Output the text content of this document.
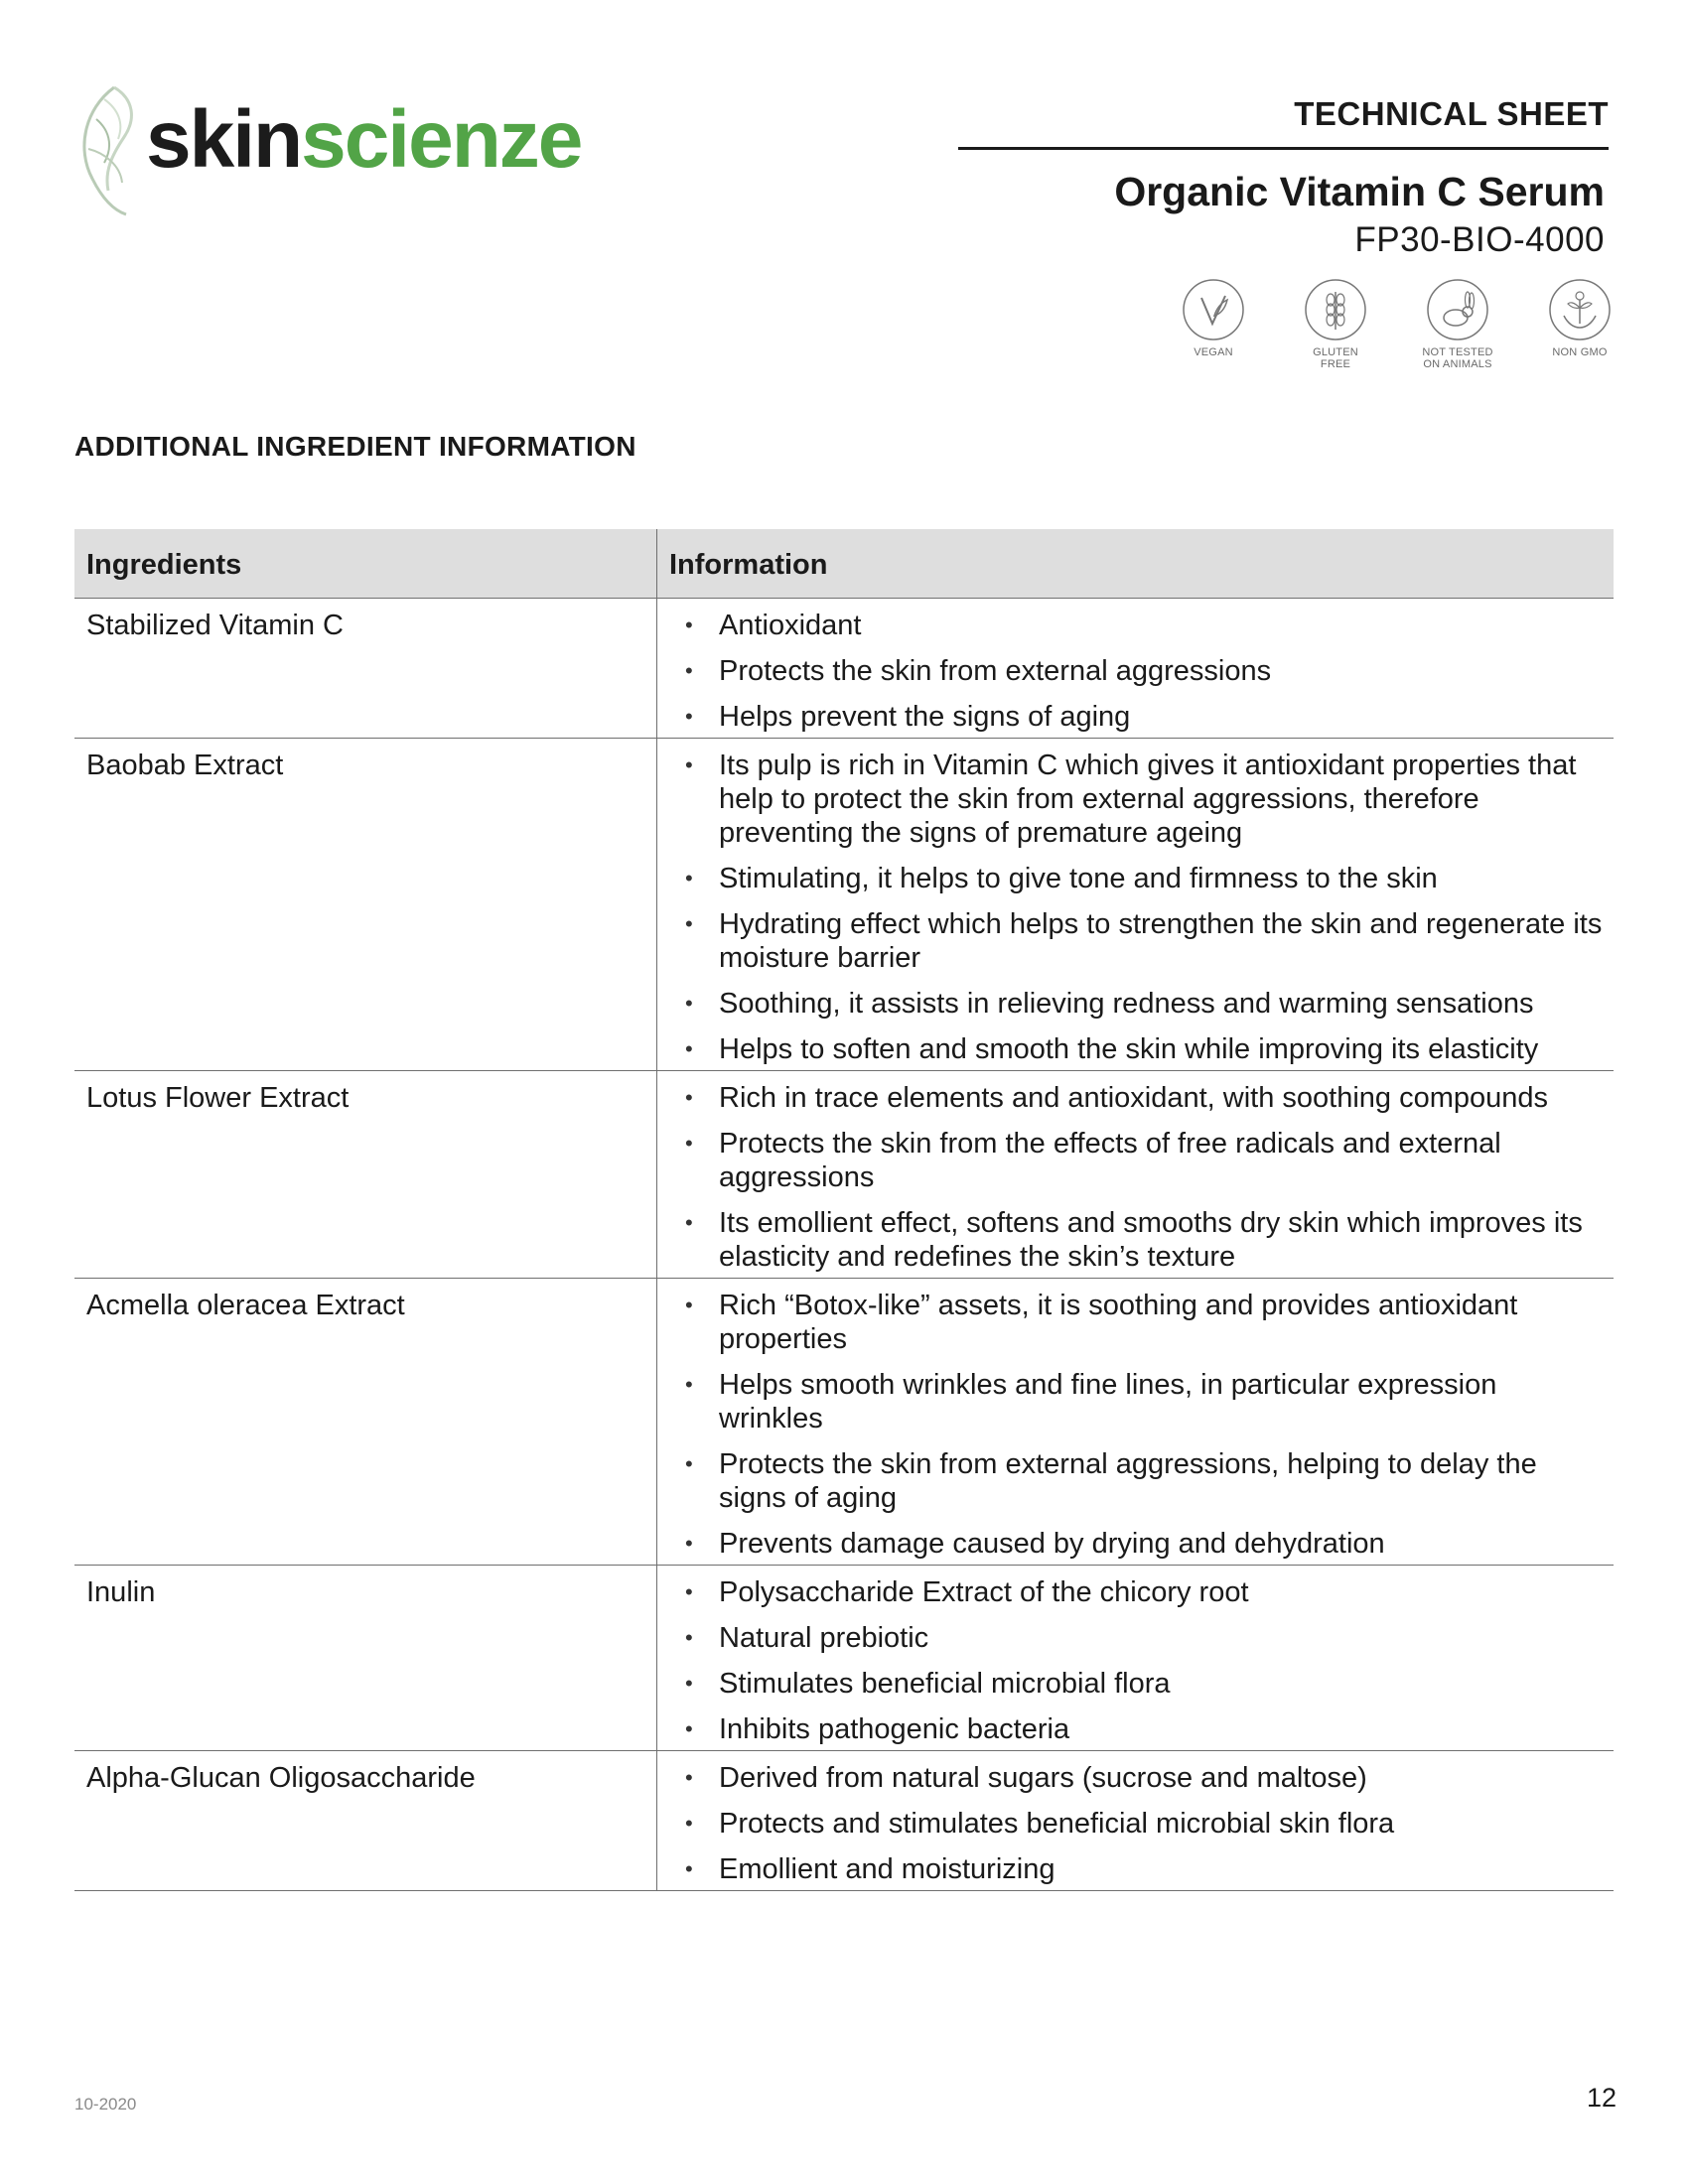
skinscienze	TECHNICAL SHEET
Organic Vitamin C Serum
FP30-BIO-4000
VEGAN	GLUTEN
FREE
NOT TESTED
ON ANIMALS
NON GMO
ADDITIONAL INGREDIENT INFORMATION
Ingredients	Information
Stabilized Vitamin C	• Antioxidant
• Protects the skin from external aggressions
• Helps prevent the signs of aging
Baobab Extract	• Its pulp is rich in Vitamin C which gives it antioxidant properties that help to protect the skin from external aggressions, therefore preventing the signs of premature ageing
• Stimulating, it helps to give tone and firmness to the skin
• Hydrating effect which helps to strengthen the skin and regenerate its moisture barrier
• Soothing, it assists in relieving redness and warming sensations
• Helps to soften and smooth the skin while improving its elasticity
Lotus Flower Extract	• Rich in trace elements and antioxidant, with soothing compounds
• Protects the skin from the effects of free radicals and external aggressions
• Its emollient effect, softens and smooths dry skin which improves its elasticity and redefines the skin’s texture
Acmella oleracea Extract	• Rich “Botox-like” assets, it is soothing and provides antioxidant properties
• Helps smooth wrinkles and fine lines, in particular expression wrinkles
• Protects the skin from external aggressions, helping to delay the signs of aging
• Prevents damage caused by drying and dehydration
Inulin	• Polysaccharide Extract of the chicory root
• Natural prebiotic
• Stimulates beneficial microbial flora
• Inhibits pathogenic bacteria
Alpha-Glucan Oligosaccharide	• Derived from natural sugars (sucrose and maltose)
• Protects and stimulates beneficial microbial skin flora
• Emollient and moisturizing
10-2020	12
